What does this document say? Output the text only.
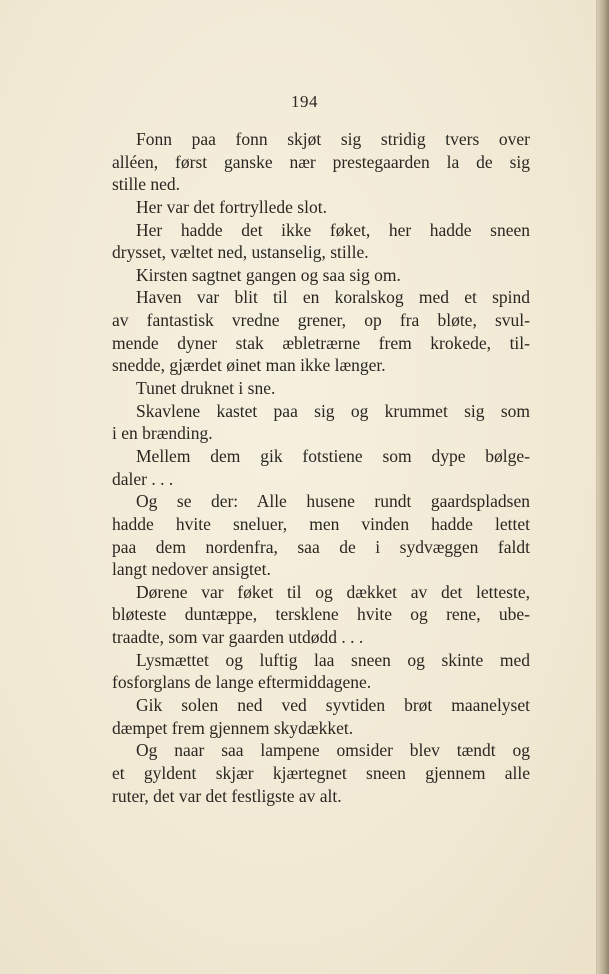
194
Fonn paa fonn skjøt sig stridig tvers over
alléen, først ganske nær prestegaarden la de sig
stille ned.
Her var det fortryllede slot.
Her hadde det ikke føket, her hadde sneen
drysset, væltet ned, ustanselig, stille.
Kirsten sagtnet gangen og saa sig om.
Haven var blit til en koralskog med et spind
av fantastisk vredne grener, op fra bløte, svul-
mende dyner stak æbletrærne frem krokede, til-
snedde, gjærdet øinet man ikke længer.
Tunet druknet i sne.
Skavlene kastet paa sig og krummet sig som
i en brænding.
Mellem dem gik fotstiene som dype bølge-
daler . . .
Og se der: Alle husene rundt gaardspladsen
hadde hvite sneluer, men vinden hadde lettet
paa dem nordenfra, saa de i sydvæggen faldt
langt nedover ansigtet.
Dørene var føket til og dækket av det letteste,
bløteste duntæppe, tersklene hvite og rene, ube-
traadte, som var gaarden utdødd . . .
Lysmættet og luftig laa sneen og skinte med
fosforglans de lange eftermiddagene.
Gik solen ned ved syvtiden brøt maanelyset
dæmpet frem gjennem skydækket.
Og naar saa lampene omsider blev tændt og
et gyldent skjær kjærtegnet sneen gjennem alle
ruter, det var det festligste av alt.
